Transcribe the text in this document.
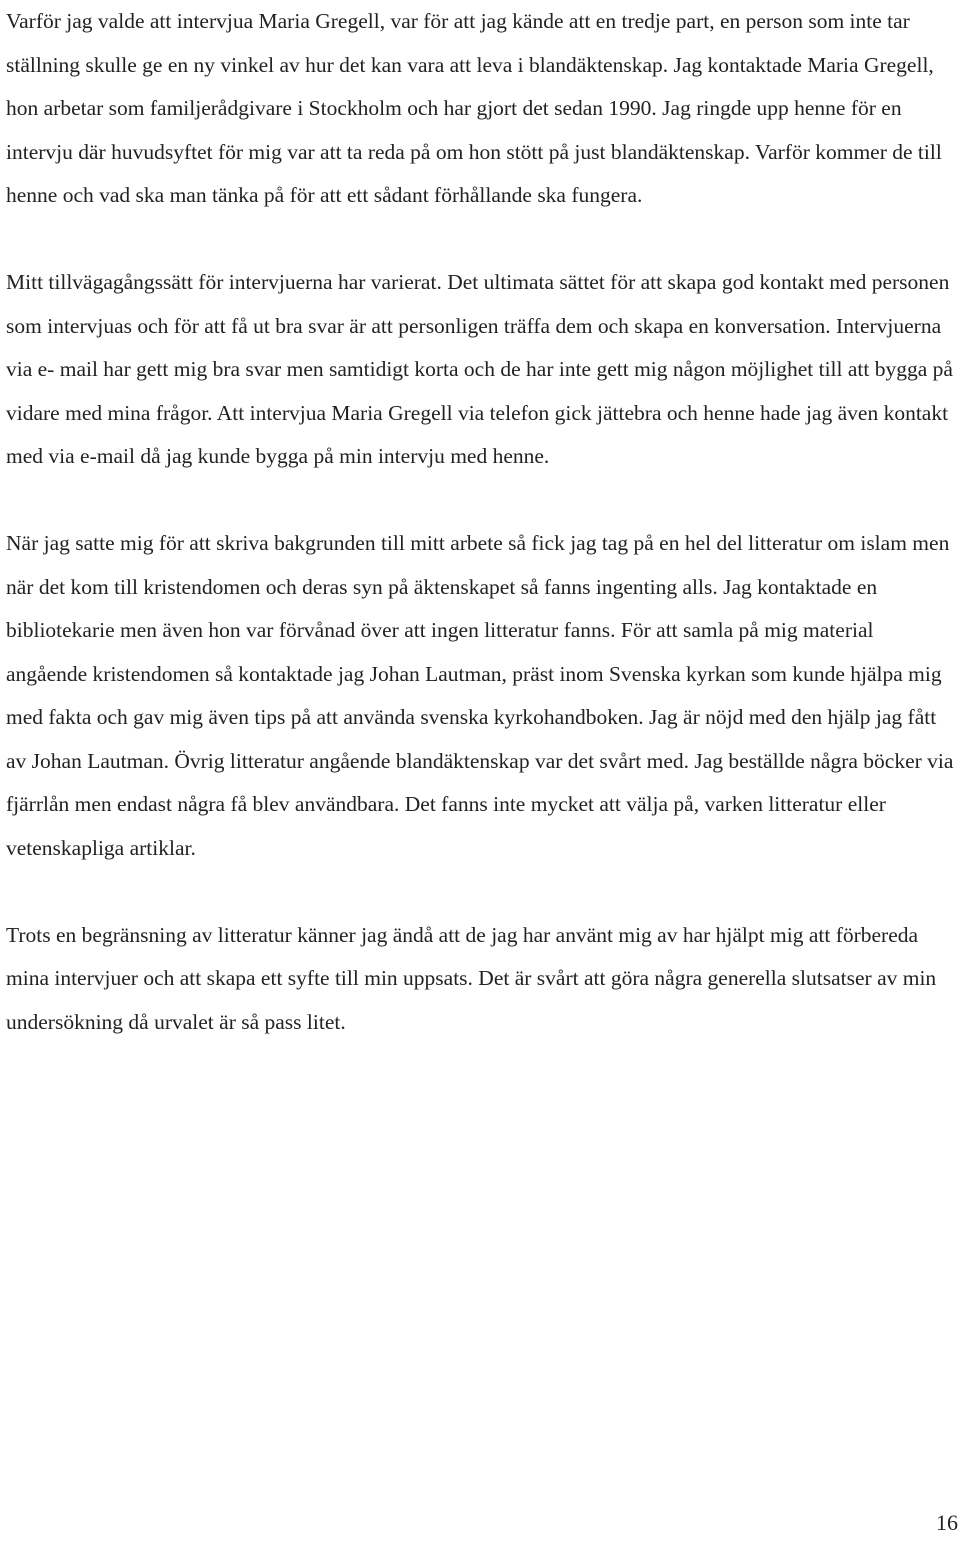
Varför jag valde att intervjua Maria Gregell, var för att jag kände att en tredje part, en person som inte tar ställning skulle ge en ny vinkel av hur det kan vara att leva i blandäktenskap. Jag kontaktade Maria Gregell, hon arbetar som familjerådgivare i Stockholm och har gjort det sedan 1990. Jag ringde upp henne för en intervju där huvudsyftet för mig var att ta reda på om hon stött på just blandäktenskap. Varför kommer de till henne och vad ska man tänka på för att ett sådant förhållande ska fungera.

Mitt tillvägagångssätt för intervjuerna har varierat. Det ultimata sättet för att skapa god kontakt med personen som intervjuas och för att få ut bra svar är att personligen träffa dem och skapa en konversation. Intervjuerna via e- mail har gett mig bra svar men samtidigt korta och de har inte gett mig någon möjlighet till att bygga på vidare med mina frågor. Att intervjua Maria Gregell via telefon gick jättebra och henne hade jag även kontakt med via e-mail då jag kunde bygga på min intervju med henne.

När jag satte mig för att skriva bakgrunden till mitt arbete så fick jag tag på en hel del litteratur om islam men när det kom till kristendomen och deras syn på äktenskapet så fanns ingenting alls. Jag kontaktade en bibliotekarie men även hon var förvånad över att ingen litteratur fanns. För att samla på mig material angående kristendomen så kontaktade jag Johan Lautman, präst inom Svenska kyrkan som kunde hjälpa mig med fakta och gav mig även tips på att använda svenska kyrkohandboken. Jag är nöjd med den hjälp jag fått av Johan Lautman. Övrig litteratur angående blandäktenskap var det svårt med. Jag beställde några böcker via fjärrlån men endast några få blev användbara. Det fanns inte mycket att välja på, varken litteratur eller vetenskapliga artiklar.

Trots en begränsning av litteratur känner jag ändå att de jag har använt mig av har hjälpt mig att förbereda mina intervjuer och att skapa ett syfte till min uppsats. Det är svårt att göra några generella slutsatser av min undersökning då urvalet är så pass litet.

16
